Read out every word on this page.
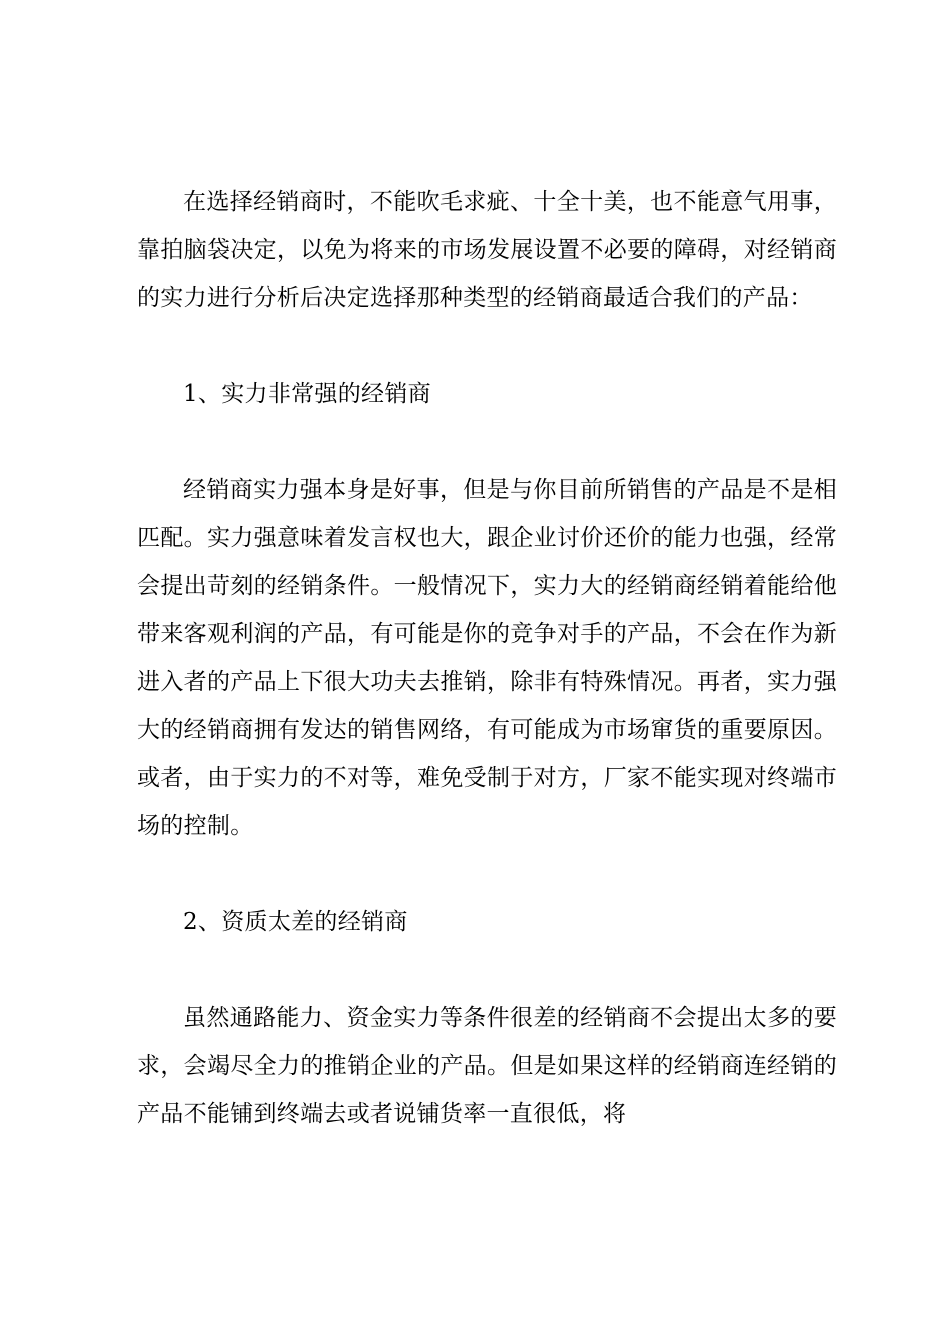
在选择经销商时，不能吹毛求疵、十全十美，也不能意气用事，靠拍脑袋决定，以免为将来的市场发展设置不必要的障碍，对经销商的实力进行分析后决定选择那种类型的经销商最适合我们的产品：

1、实力非常强的经销商

经销商实力强本身是好事，但是与你目前所销售的产品是不是相匹配。实力强意味着发言权也大，跟企业讨价还价的能力也强，经常会提出苛刻的经销条件。一般情况下，实力大的经销商经销着能给他带来客观利润的产品，有可能是你的竞争对手的产品，不会在作为新进入者的产品上下很大功夫去推销，除非有特殊情况。再者，实力强大的经销商拥有发达的销售网络，有可能成为市场窜货的重要原因。或者，由于实力的不对等，难免受制于对方，厂家不能实现对终端市场的控制。

2、资质太差的经销商

虽然通路能力、资金实力等条件很差的经销商不会提出太多的要求，会竭尽全力的推销企业的产品。但是如果这样的经销商连经销的产品不能铺到终端去或者说铺货率一直很低，将
